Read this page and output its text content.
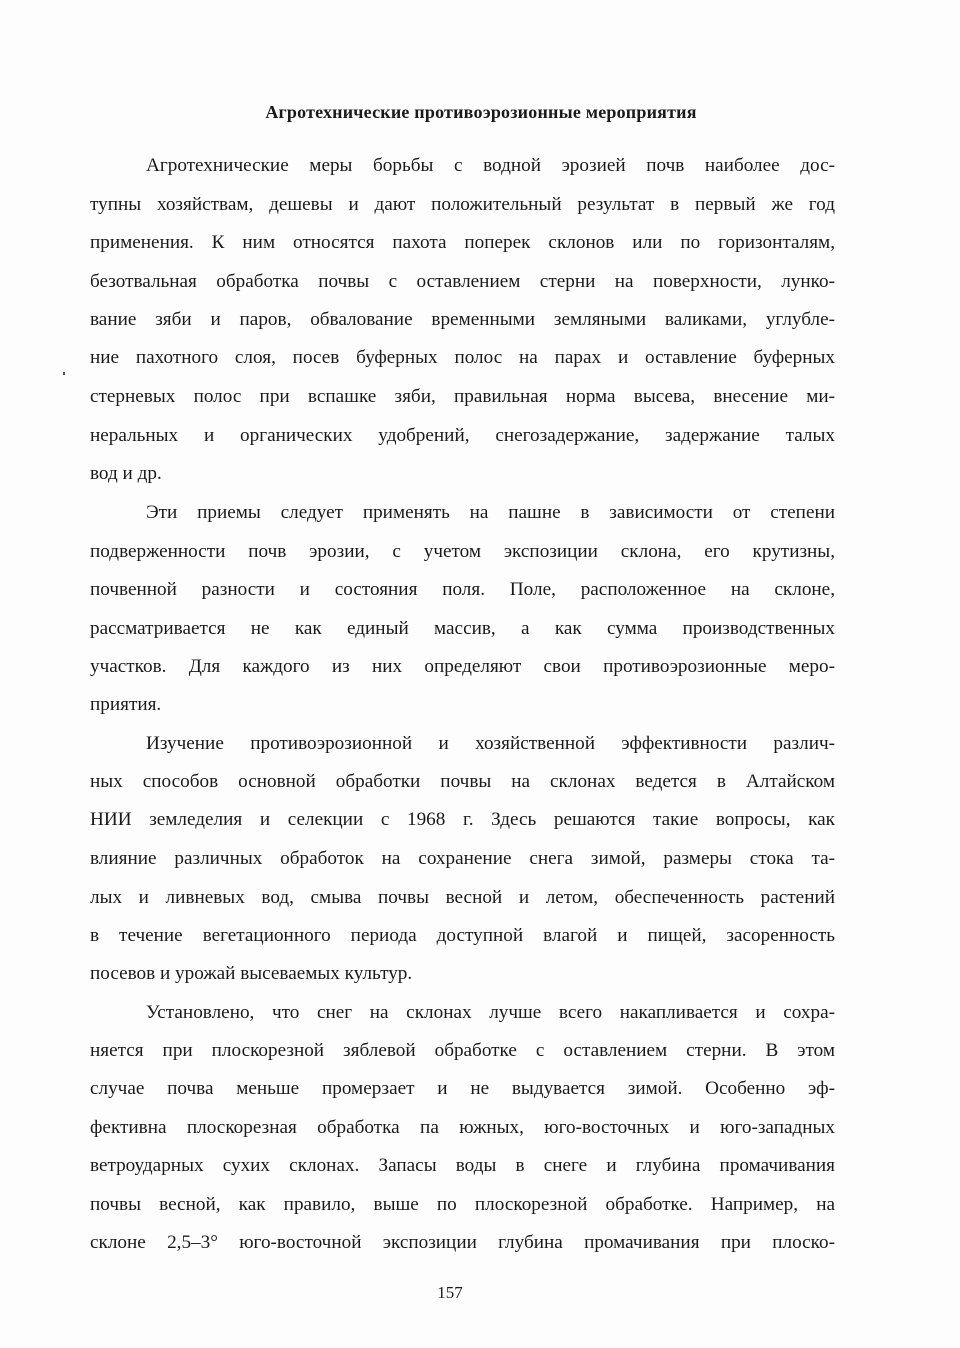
Агротехнические противоэрозионные мероприятия
Агротехнические меры борьбы с водной эрозией почв наиболее дос-
тупны хозяйствам, дешевы и дают положительный результат в первый же год
применения. К ним относятся пахота поперек склонов или по горизонталям,
безотвальная обработка почвы с оставлением стерни на поверхности, лунко-
вание зяби и паров, обвалование временными земляными валиками, углубле-
ние пахотного слоя, посев буферных полос на парах и оставление буферных
стерневых полос при вспашке зяби, правильная норма высева, внесение ми-
неральных и органических удобрений, снегозадержание, задержание талых
вод и др.
Эти приемы следует применять на пашне в зависимости от степени
подверженности почв эрозии, с учетом экспозиции склона, его крутизны,
почвенной разности и состояния поля. Поле, расположенное на склоне,
рассматривается не как единый массив, а как сумма производственных
участков. Для каждого из них определяют свои противоэрозионные меро-
приятия.
Изучение противоэрозионной и хозяйственной эффективности различ-
ных способов основной обработки почвы на склонах ведется в Алтайском
НИИ земледелия и селекции с 1968 г. Здесь решаются такие вопросы, как
влияние различных обработок на сохранение снега зимой, размеры стока та-
лых и ливневых вод, смыва почвы весной и летом, обеспеченность растений
в течение вегетационного периода доступной влагой и пищей, засоренность
посевов и урожай высеваемых культур.
Установлено, что снег на склонах лучше всего накапливается и сохра-
няется при плоскорезной зяблевой обработке с оставлением стерни. В этом
случае почва меньше промерзает и не выдувается зимой. Особенно эф-
фективна плоскорезная обработка па южных, юго-восточных и юго-западных
ветроударных сухих склонах. Запасы воды в снеге и глубина промачивания
почвы весной, как правило, выше по плоскорезной обработке. Например, на
склоне 2,5–3° юго-восточной экспозиции глубина промачивания при плоско-
157
